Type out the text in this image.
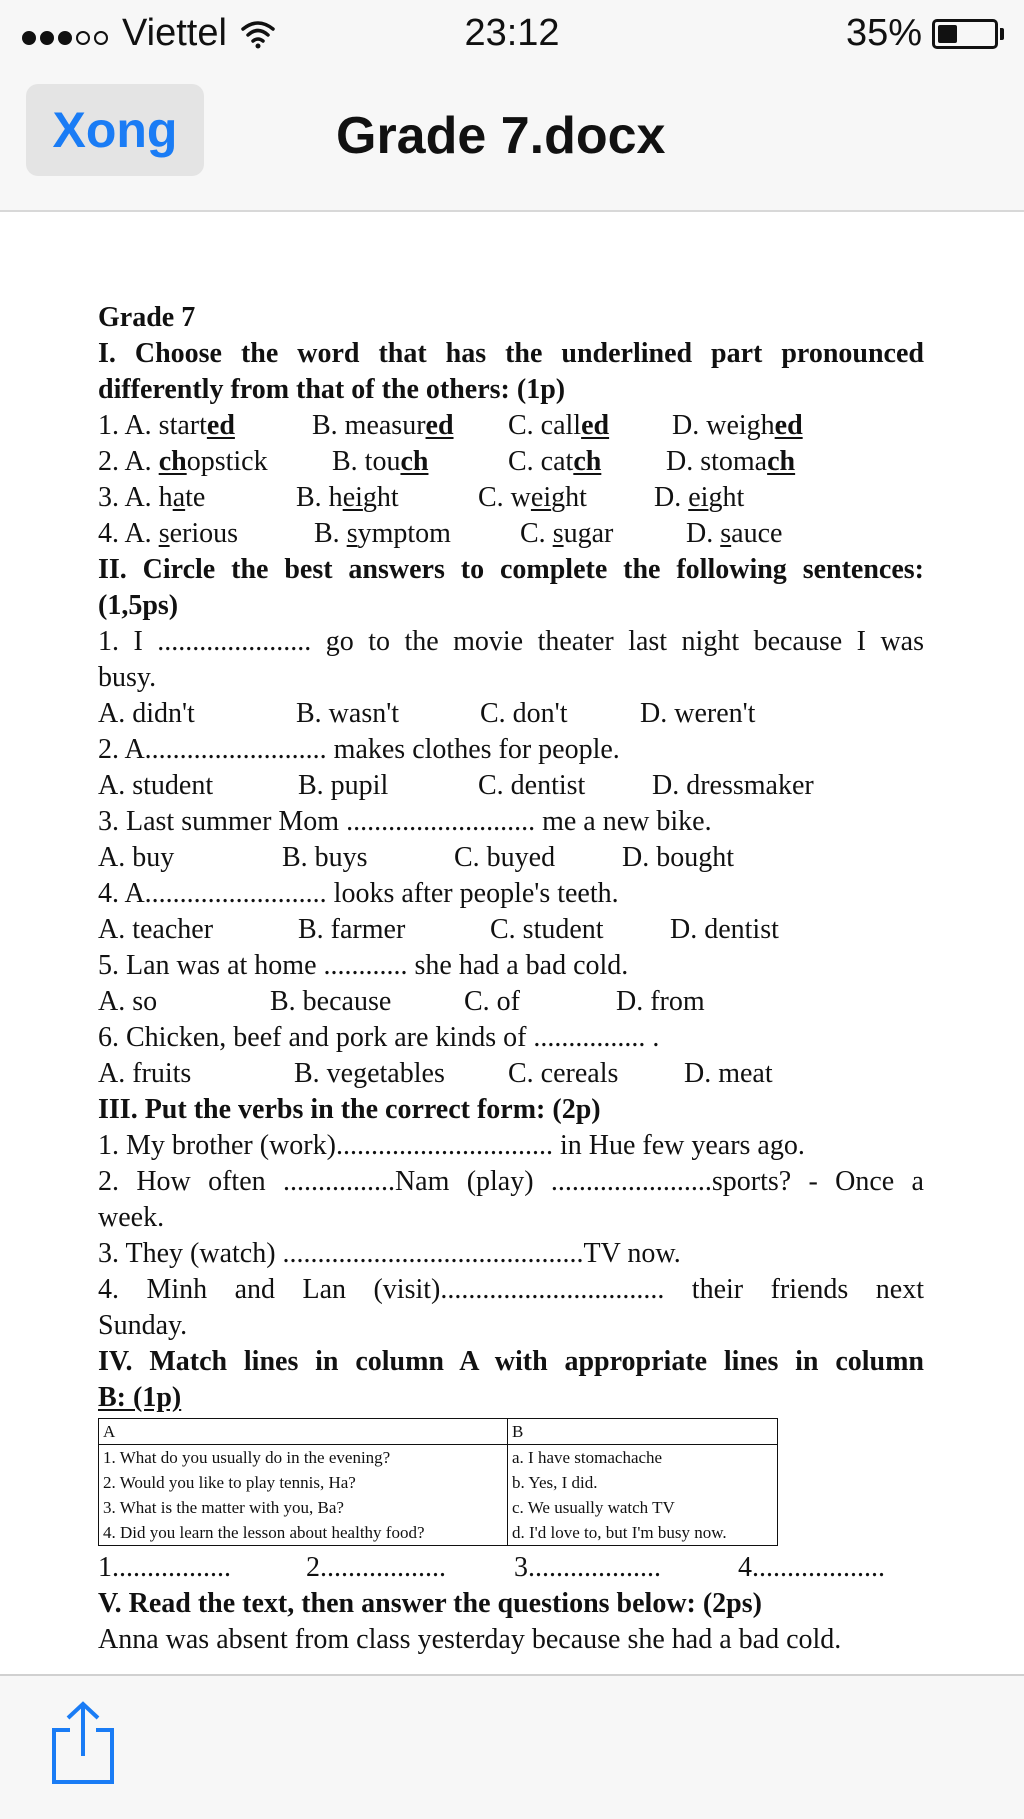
Viettel	23:12	35%
Xong	Grade 7.docx
Grade 7
I. Choose the word that has the underlined part pronounced
differently from that of the others: (1p)
1. A. started	B. measured C. called D. weighed
2. A. chopstick B. touch	C. catch D. stomach
3. A. hate	B. height	C. weight D. eight
4. A. serious	B. symptom C. sugar	D. sauce
II. Circle the best answers to complete the following sentences:
(1,5ps)
1. I ...................... go to the movie theater last night because I was
busy.
A. didn't	B. wasn't	C. don't	D. weren't
2. A.......................... makes clothes for people.
A. student	B. pupil	C. dentist D. dressmaker
3. Last summer Mom ........................... me a new bike.
A. buy	B. buys	C. buyed D. bought
4. A.......................... looks after people's teeth.
A. teacher	B. farmer	C. student D. dentist
5. Lan was at home ............ she had a bad cold.
A. so	B. because	C. of	D. from
6. Chicken, beef and pork are kinds of ................ .
A. fruits	B. vegetables C. cereals D. meat
III. Put the verbs in the correct form: (2p)
1. My brother (work)............................... in Hue few years ago.
2. How often ................Nam (play) .......................sports? - Once a
week.
3. They (watch) ...........................................TV now.
4. Minh and Lan (visit)................................ their friends next
Sunday.
IV. Match lines in column A with appropriate lines in column
B: (1p)
A	B
1. What do you usually do in the evening?	a. I have stomachache
2. Would you like to play tennis, Ha?	b. Yes, I did.
3. What is the matter with you, Ba?	c. We usually watch TV
4. Did you learn the lesson about healthy food?	d. I'd love to, but I'm busy now.
1.................	2.................. 3...................	4...................
V. Read the text, then answer the questions below: (2ps)
Anna was absent from class yesterday because she had a bad cold.
